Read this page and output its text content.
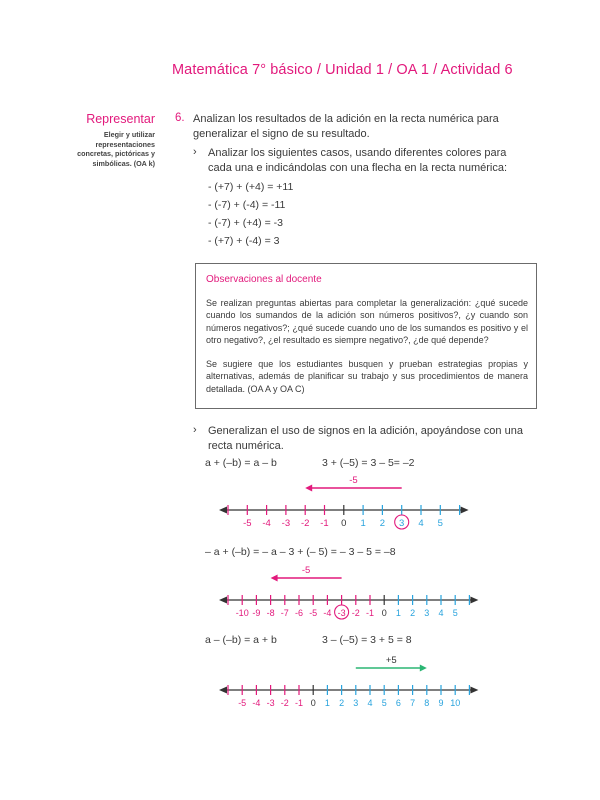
Matemática 7° básico / Unidad 1 / OA 1 / Actividad 6
Representar
Elegir y utilizar representaciones concretas, pictóricas y simbólicas. (OA k)
6. Analizan los resultados de la adición en la recta numérica para generalizar el signo de su resultado.
› Analizar los siguientes casos, usando diferentes colores para cada una e indicándolas con una flecha en la recta numérica:
- (+7) + (+4) = +11
- (-7) + (-4) = -11
- (-7) + (+4) = -3
- (+7) + (-4) = 3
Observaciones al docente
Se realizan preguntas abiertas para completar la generalización: ¿qué sucede cuando los sumandos de la adición son números positivos?, ¿y cuando son números negativos?; ¿qué sucede cuando uno de los sumandos es positivo y el otro negativo?, ¿el resultado es siempre negativo?, ¿de qué depende?
Se sugiere que los estudiantes busquen y prueban estrategias propias y alternativas, además de planificar su trabajo y sus procedimientos de manera detallada. (OA A y OA C)
› Generalizan el uso de signos en la adición, apoyándose con una recta numérica.
a + (–b) = a – b	3 + (–5) = 3 – 5= –2
– a + (–b) = – a – 3 + (– 5) = – 3 – 5 = –8
a – (–b) = a + b	3 – (–5) = 3 + 5 = 8
-5 -4 -3 -2 -1 0 1 2 3 4 5
-5
-10 -9 -8 -7 -6 -5 -4 -3 -2 -1 0 1 2 3 4 5
-5
-5 -4 -3 -2 -1 0 1 2 3 4 5 6 7 8 9 10
+5
